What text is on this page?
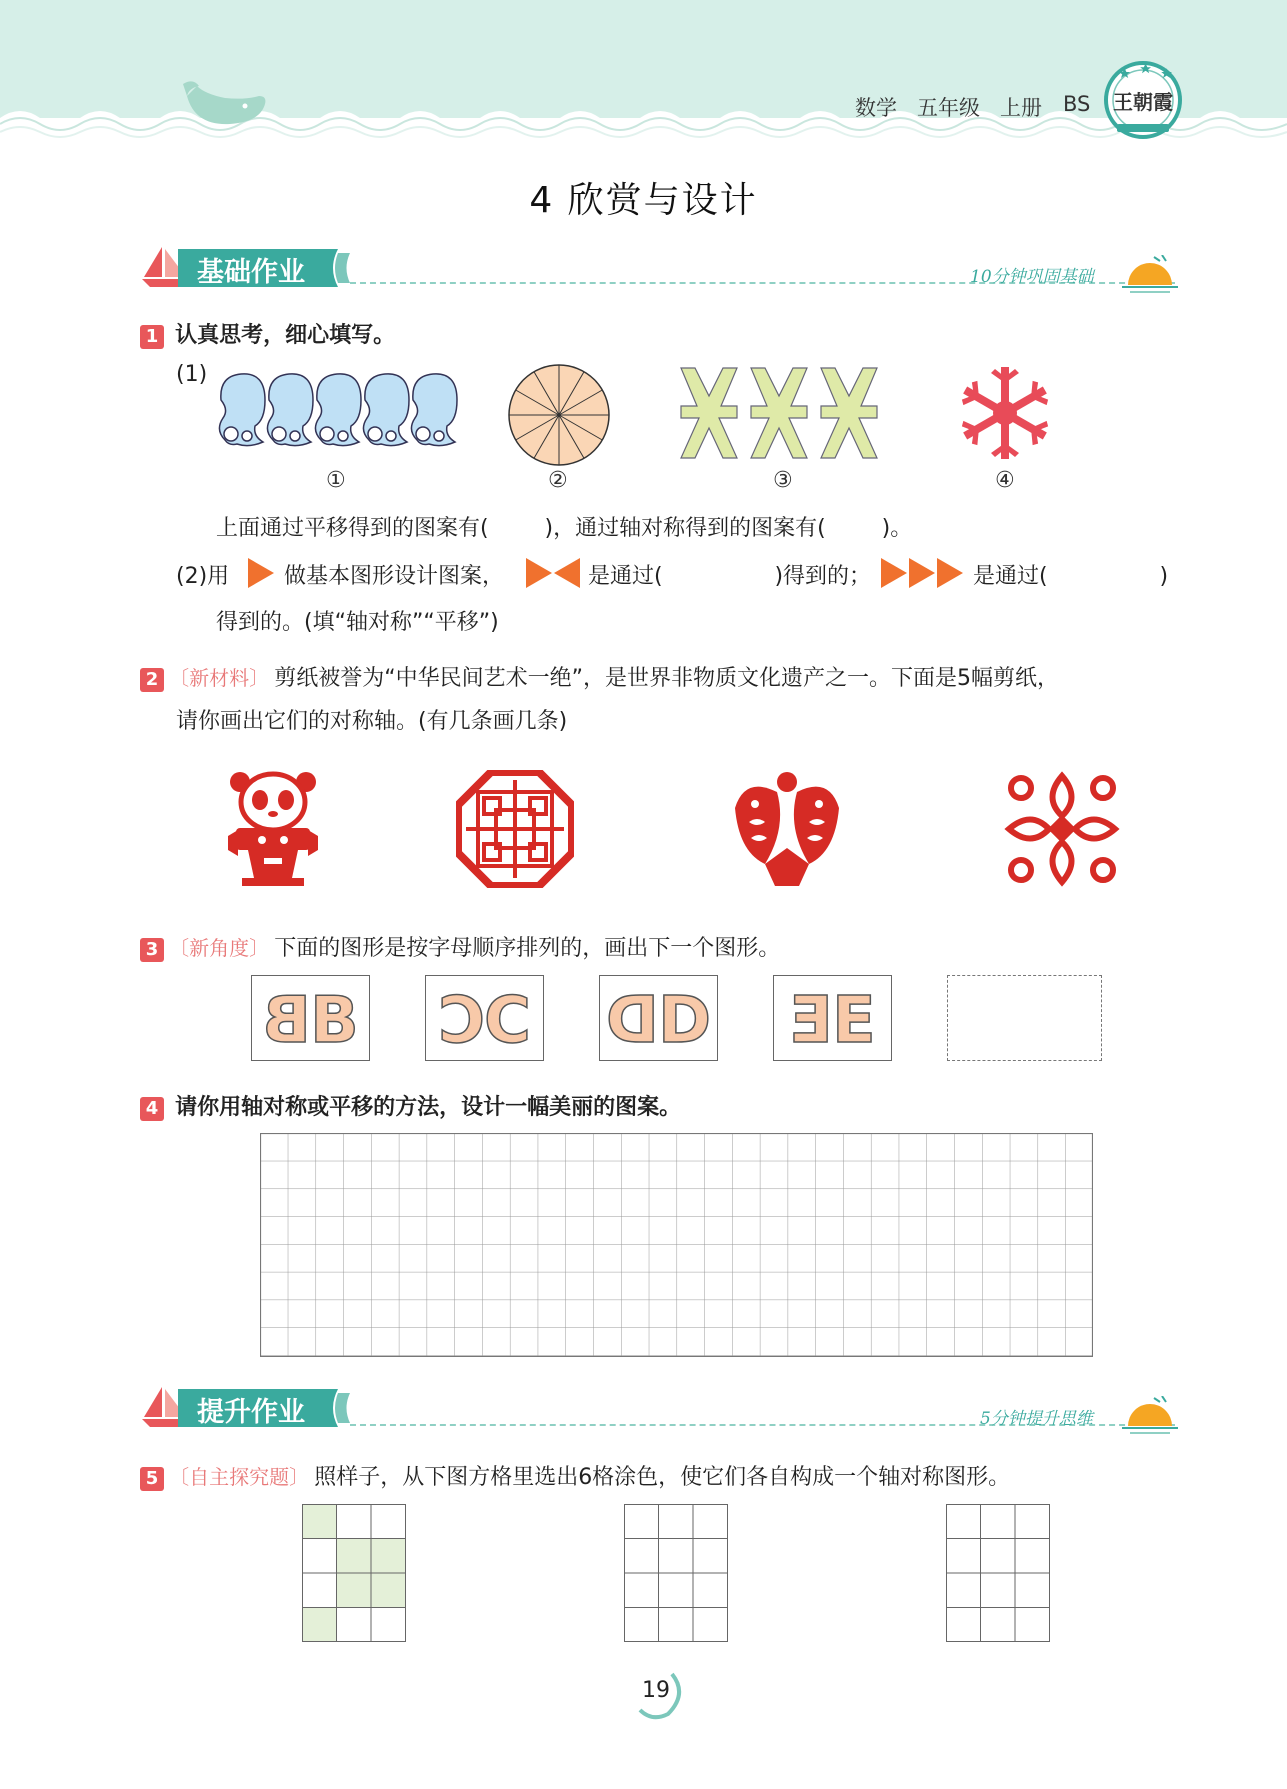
数学 五年级 上册 BS	王朝霞
4 欣赏与设计
基础作业	10分钟巩固基础
1 认真思考，细心填写。
(1)
①	②	③	④
上面通过平移得到的图案有(        )，通过轴对称得到的图案有(        )。
(2)用 做基本图形设计图案，	是通过(                )得到的；	是通过(                )
得到的。(填“轴对称”“平移”)
2 〔新材料〕 剪纸被誉为“中华民间艺术一绝”，是世界非物质文化遗产之一。下面是5幅剪纸，
请你画出它们的对称轴。(有几条画几条)
3 〔新角度〕 下面的图形是按字母顺序排列的，画出下一个图形。
B
B	C
C	D
D	E
E
4 请你用轴对称或平移的方法，设计一幅美丽的图案。
提升作业	5分钟提升思维
5 〔自主探究题〕 照样子，从下图方格里选出6格涂色，使它们各自构成一个轴对称图形。
19
